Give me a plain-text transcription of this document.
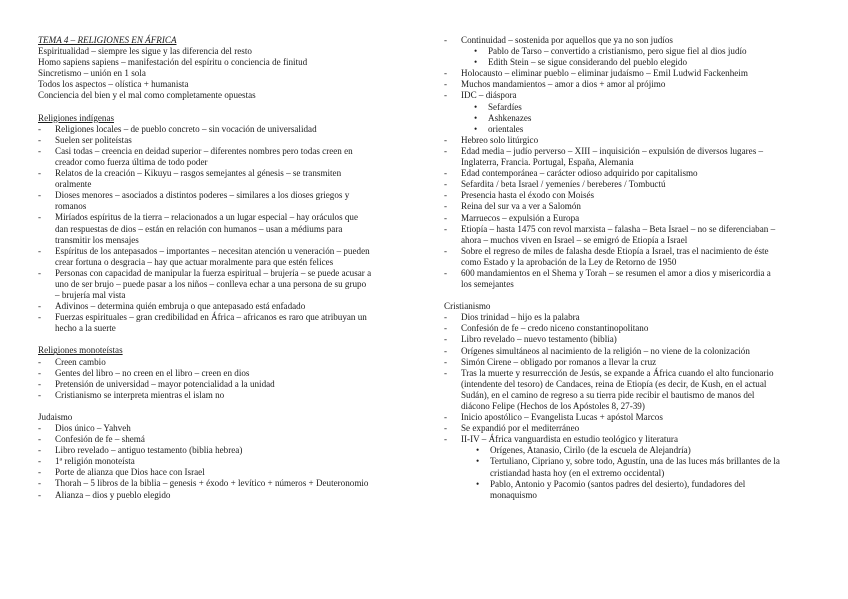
TEMA 4 – RELIGIONES EN ÁFRICA
Espiritualidad – siempre les sigue y las diferencia del resto
Homo sapiens sapiens – manifestación del espíritu o conciencia de finitud
Sincretismo – unión en 1 sola
Todos los aspectos – olística + humanista
Conciencia del bien y el mal como completamente opuestas
Religiones indígenas
- Religiones locales – de pueblo concreto – sin vocación de universalidad
- Suelen ser politeístas
- Casi todas – creencia en deidad superior – diferentes nombres pero todas creen en
creador como fuerza última de todo poder
- Relatos de la creación – Kikuyu – rasgos semejantes al génesis – se transmiten
oralmente
- Dioses menores – asociados a distintos poderes – similares a los dioses griegos y
romanos
- Miríados espíritus de la tierra – relacionados a un lugar especial – hay oráculos que
dan respuestas de dios – están en relación con humanos – usan a médiums para
transmitir los mensajes
- Espíritus de los antepasados – importantes – necesitan atención u veneración – pueden
crear fortuna o desgracia – hay que actuar moralmente para que estén felices
- Personas con capacidad de manipular la fuerza espiritual – brujería – se puede acusar a
uno de ser brujo – puede pasar a los niños – conlleva echar a una persona de su grupo
– brujería mal vista
- Adivinos – determina quién embruja o que antepasado está enfadado
- Fuerzas espirituales – gran credibilidad en África – africanos es raro que atribuyan un
hecho a la suerte
Religiones monoteístas
- Creen cambio
- Gentes del libro – no creen en el libro – creen en dios
- Pretensión de universidad – mayor potencialidad a la unidad
- Cristianismo se interpreta mientras el islam no
Judaismo
- Dios único – Yahveh
- Confesión de fe – shemá
- Libro revelado – antiguo testamento (biblia hebrea)
- 1ª religión monoteísta
- Porte de alianza que Dios hace con Israel
- Thorah – 5 libros de la biblia – genesis + éxodo + levítico + números + Deuteronomio
- Alianza – dios y pueblo elegido
- Continuidad – sostenida por aquellos que ya no son judíos
• Pablo de Tarso – convertido a cristianismo, pero sigue fiel al dios judío
• Edith Stein – se sigue considerando del pueblo elegido
- Holocausto – eliminar pueblo – eliminar judaísmo – Emil Ludwid Fackenheim
- Muchos mandamientos – amor a dios + amor al prójimo
- IDC – diáspora
• Sefardíes
• Ashkenazes
• orientales
- Hebreo solo litúrgico
- Edad media – judío perverso – XIII – inquisición – expulsión de diversos lugares –
Inglaterra, Francia. Portugal, España, Alemania
- Edad contemporánea – carácter odioso adquirido por capitalismo
- Sefardita / beta Israel / yemeníes / bereberes / Tombuctú
- Presencia hasta el éxodo con Moisés
- Reina del sur va a ver a Salomón
- Marruecos – expulsión a Europa
- Etiopía – hasta 1475 con revol marxista – falasha – Beta Israel – no se diferenciaban –
ahora – muchos viven en Israel – se emigró de Etiopía a Israel
- Sobre el regreso de miles de falasha desde Etiopía a Israel, tras el nacimiento de éste
como Estado y la aprobación de la Ley de Retorno de 1950
- 600 mandamientos en el Shema y Torah – se resumen el amor a dios y misericordia a
los semejantes
Cristianismo
- Dios trinidad – hijo es la palabra
- Confesión de fe – credo niceno constantinopolitano
- Libro revelado – nuevo testamento (biblia)
- Orígenes simultáneos al nacimiento de la religión – no viene de la colonización
- Simón Cirene – obligado por romanos a llevar la cruz
- Tras la muerte y resurrección de Jesús, se expande a África cuando el alto funcionario
(intendente del tesoro) de Candaces, reina de Etiopía (es decir, de Kush, en el actual
Sudán), en el camino de regreso a su tierra pide recibir el bautismo de manos del
diácono Felipe (Hechos de los Apóstoles 8, 27-39)
- Inicio apostólico – Evangelista Lucas + apóstol Marcos
- Se expandió por el mediterráneo
- II-IV – África vanguardista en estudio teológico y literatura
• Orígenes, Atanasio, Cirilo (de la escuela de Alejandría)
• Tertuliano, Cipriano y, sobre todo, Agustín, una de las luces más brillantes de la
cristiandad hasta hoy (en el extremo occidental)
• Pablo, Antonio y Pacomio (santos padres del desierto), fundadores del
monaquismo
